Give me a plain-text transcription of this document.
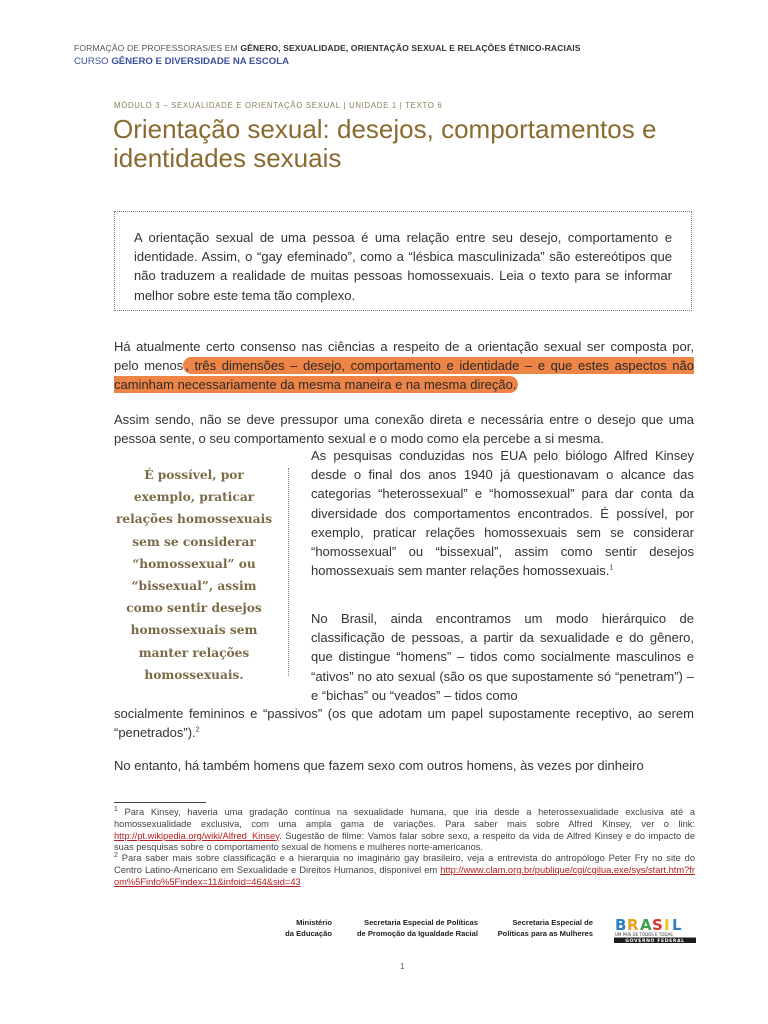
FORMAÇÃO DE PROFESSORAS/ES EM GÊNERO, SEXUALIDADE, ORIENTAÇÃO SEXUAL E RELAÇÕES ÉTNICO-RACIAIS
CURSO GÊNERO E DIVERSIDADE NA ESCOLA
MÓDULO 3 – SEXUALIDADE E ORIENTAÇÃO SEXUAL | UNIDADE 1 | TEXTO 6
Orientação sexual: desejos, comportamentos e identidades sexuais
A orientação sexual de uma pessoa é uma relação entre seu desejo, comportamento e identidade. Assim, o “gay efeminado”, como a “lésbica masculinizada” são estereótipos que não traduzem a realidade de muitas pessoas homossexuais. Leia o texto para se informar melhor sobre este tema tão complexo.

Há atualmente certo consenso nas ciências a respeito de a orientação sexual ser composta por, pelo menos , três dimensões – desejo, comportamento e identidade – e que estes aspectos não caminham necessariamente da mesma maneira e na mesma direção.

Assim sendo, não se deve pressupor uma conexão direta e necessária entre o desejo que uma pessoa sente, o seu comportamento sexual e o modo como ela percebe a si mesma.

É possível, por exemplo, praticar relações homossexuais sem se considerar “homossexual” ou “bissexual”, assim como sentir desejos homossexuais sem manter relações homossexuais.

As pesquisas conduzidas nos EUA pelo biólogo Alfred Kinsey desde o final dos anos 1940 já questionavam o alcance das categorias “heterossexual” e “homossexual” para dar conta da diversidade dos comportamentos encontrados. É possível, por exemplo, praticar relações homossexuais sem se considerar “homossexual” ou “bissexual”, assim como sentir desejos homossexuais sem manter relações homossexuais.$^1$

No Brasil, ainda encontramos um modo hierárquico de classificação de pessoas, a partir da sexualidade e do gênero, que distingue “homens” – tidos como socialmente masculinos e “ativos” no ato sexual (são os que supostamente só “penetram”) – e “bichas” ou “veados” – tidos como

socialmente femininos e “passivos” (os que adotam um papel supostamente receptivo, ao serem “penetrados”).$^2$

No entanto, há também homens que fazem sexo com outros homens, às vezes por dinheiro

$^1$ Para Kinsey, haveria uma gradação contínua na sexualidade humana, que iria desde a heterossexualidade exclusiva até a homossexualidade exclusiva, com uma ampla gama de variações. Para saber mais sobre Alfred Kinsey, ver o link: http://pt.wikipedia.org/wiki/Alfred_Kinsey. Sugestão de filme: Vamos falar sobre sexo, a respeito da vida de Alfred Kinsey e do impacto de suas pesquisas sobre o comportamento sexual de homens e mulheres norte-americanos.

$^2$ Para saber mais sobre classificação e a hierarquia no imaginário gay brasileiro, veja a entrevista do antropólogo Peter Fry no site do Centro Latino-Americano em Sexualidade e Direitos Humanos, disponível em http://www.clam.org.br/publique/cgi/cgilua.exe/sys/start.htm?from%5Finfo%5Findex=11&infoid=464&sid=43

Ministério
da Educação
Secretaria Especial de Políticas
de Promoção da Igualdade Racial
Secretaria Especial de
Políticas para as Mulheres B R A S I L
UM PAÍS DE TODOS E TODAS
GOVERNO FEDERAL
1
